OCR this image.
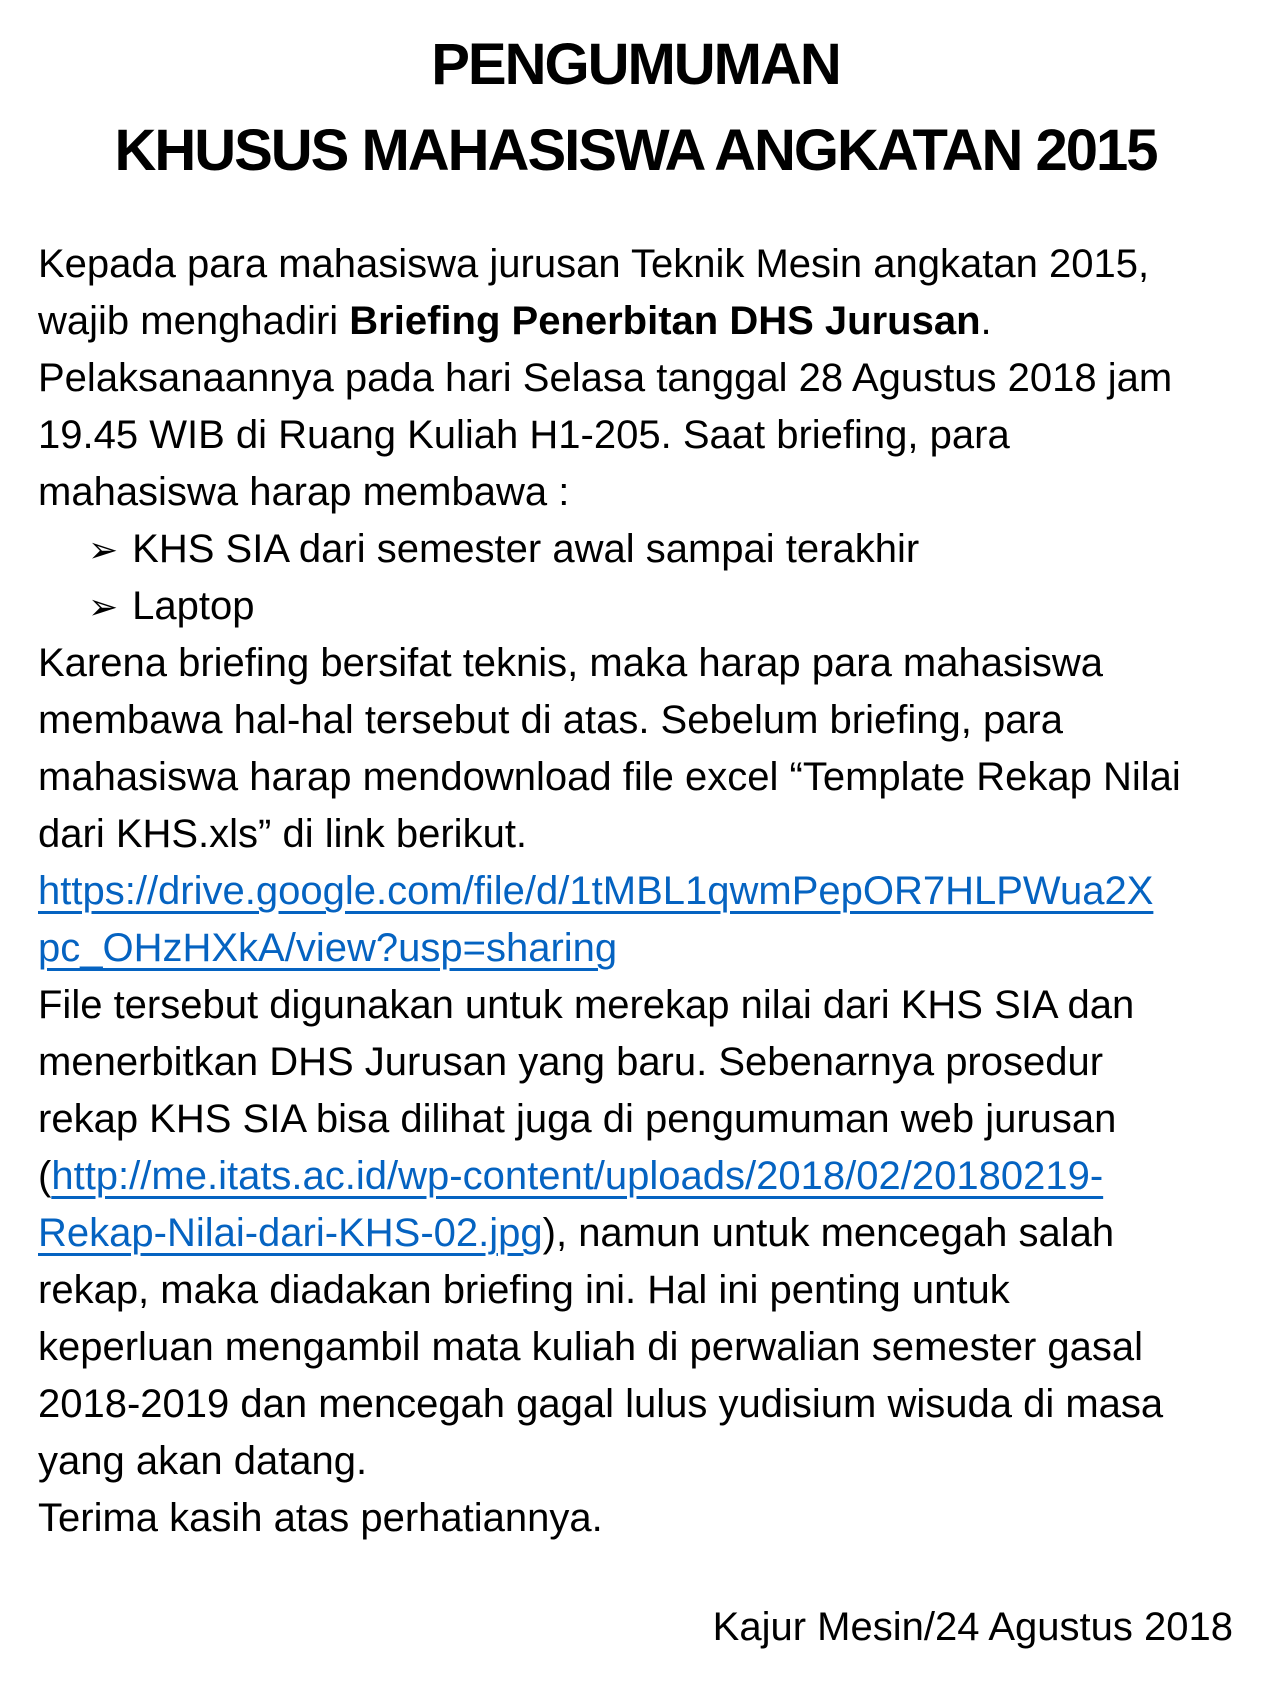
PENGUMUMAN
KHUSUS MAHASISWA ANGKATAN 2015
Kepada para mahasiswa jurusan Teknik Mesin angkatan 2015,
wajib menghadiri Briefing Penerbitan DHS Jurusan.
Pelaksanaannya pada hari Selasa tanggal 28 Agustus 2018 jam
19.45 WIB di Ruang Kuliah H1-205. Saat briefing, para
mahasiswa harap membawa :
➢ KHS SIA dari semester awal sampai terakhir
➢ Laptop
Karena briefing bersifat teknis, maka harap para mahasiswa
membawa hal-hal tersebut di atas. Sebelum briefing, para
mahasiswa harap mendownload file excel “Template Rekap Nilai
dari KHS.xls” di link berikut.
https://drive.google.com/file/d/1tMBL1qwmPepOR7HLPWua2X
pc_OHzHXkA/view?usp=sharing
File tersebut digunakan untuk merekap nilai dari KHS SIA dan
menerbitkan DHS Jurusan yang baru. Sebenarnya prosedur
rekap KHS SIA bisa dilihat juga di pengumuman web jurusan
(http://me.itats.ac.id/wp-content/uploads/2018/02/20180219-
Rekap-Nilai-dari-KHS-02.jpg), namun untuk mencegah salah
rekap, maka diadakan briefing ini. Hal ini penting untuk
keperluan mengambil mata kuliah di perwalian semester gasal
2018-2019 dan mencegah gagal lulus yudisium wisuda di masa
yang akan datang.
Terima kasih atas perhatiannya.
Kajur Mesin/24 Agustus 2018
